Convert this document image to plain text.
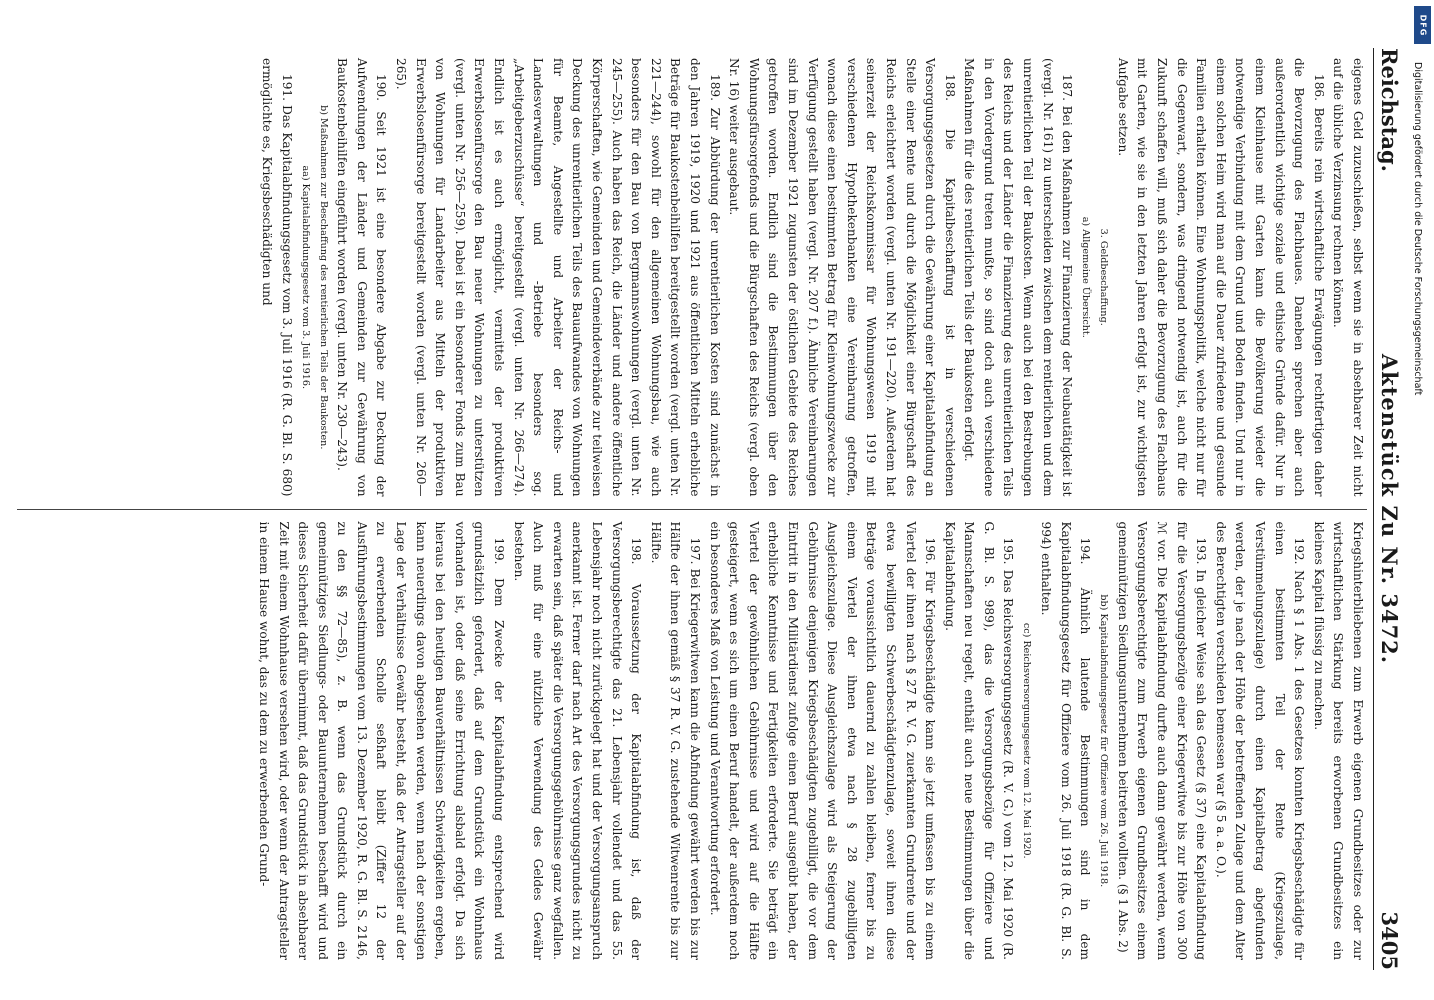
Reichstag.
Aktenstück Zu Nr. 3472.
3405

eigenes Geld zuzuschießen, selbst wenn sie in absehbarer Zeit nicht auf die übliche Verzinsung rechnen können.

186. Bereits rein wirtschaftliche Erwägungen rechtfertigen daher die Bevorzugung des Flachbaues. Daneben sprechen aber auch außerordentlich wichtige soziale und ethische Gründe dafür. Nur in einem Kleinhause mit Garten kann die Bevölkerung wieder die notwendige Verbindung mit dem Grund und Boden finden. Und nur in einem solchen Heim wird man auf die Dauer zufriedene und gesunde Familien erhalten können. Eine Wohnungspolitik, welche nicht nur für die Gegenwart, sondern, was dringend notwendig ist, auch für die Zukunft schaffen will, muß sich daher die Bevorzugung des Flachbaus mit Garten, wie sie in den letzten Jahren erfolgt ist, zur wichtigsten Aufgabe setzen.

3. Geldbeschaffung.

a) Allgemeine Übersicht.

187. Bei den Maßnahmen zur Finanzierung der Neubautätigkeit ist (vergl. Nr. 161) zu unterscheiden zwischen dem rentierlichen und dem unrentierlichen Teil der Baukosten. Wenn auch bei den Bestrebungen des Reichs und der Länder die Finanzierung des unrentierlichen Teils in den Vordergrund treten mußte, so sind doch auch verschiedene Maßnahmen für die des rentierlichen Teils der Baukosten erfolgt.

188. Die Kapitalbeschaffung ist in verschiedenen Versorgungsgesetzen durch die Gewährung einer Kapitalabfindung an Stelle einer Rente und durch die Möglichkeit einer Bürgschaft des Reichs erleichtert worden (vergl. unten Nr. 191—220). Außerdem hat seinerzeit der Reichskommissar für Wohnungswesen 1919 mit verschiedenen Hypothekenbanken eine Vereinbarung getroffen, wonach diese einen bestimmten Betrag für Kleinwohnungszwecke zur Verfügung gestellt haben (vergl. Nr. 207 f.). Ähnliche Vereinbarungen sind im Dezember 1921 zugunsten der östlichen Gebiete des Reiches getroffen worden. Endlich sind die Bestimmungen über den Wohnungsfürsorgefonds und die Bürgschaften des Reichs (vergl. oben Nr. 16) weiter ausgebaut.

189. Zur Abbürdung der unrentierlichen Kosten sind zunächst in den Jahren 1919, 1920 und 1921 aus öffentlichen Mitteln erhebliche Beträge für Baukostenbeihilfen bereitgestellt worden (vergl. unten Nr. 221—244), sowohl für den allgemeinen Wohnungsbau, wie auch besonders für den Bau von Bergmannswohnungen (vergl. unten Nr. 245—255). Auch haben das Reich, die Länder und andere öffentliche Körperschaften, wie Gemeinden und Gemeindeverbände zur teilweisen Deckung des unrentierlichen Teils des Bauaufwandes von Wohnungen für Beamte, Angestellte und Arbeiter der Reichs- und Landesverwaltungen und -Betriebe besonders sog. „Arbeitgeberzuschüsse“ bereitgestellt (vergl. unten Nr. 266—274). Endlich ist es auch ermöglicht, vermittels der produktiven Erwerbslosenfürsorge den Bau neuer Wohnungen zu unterstützen (vergl. unten Nr. 256—259). Dabei ist ein besonderer Fonds zum Bau von Wohnungen für Landarbeiter aus Mitteln der produktiven Erwerbslosenfürsorge bereitgestellt worden (vergl. unten Nr. 260—265).

190. Seit 1921 ist eine besondere Abgabe zur Deckung der Aufwendungen der Länder und Gemeinden zur Gewährung von Baukostenbeihilfen eingeführt worden (vergl. unten Nr. 230—243).

b) Maßnahmen zur Beschaffung des rentierlichen Teils der Baukosten.

aa) Kapitalabfindungsgesetz vom 3. Juli 1916.

191. Das Kapitalabfindungsgesetz vom 3. Juli 1916 (R. G. Bl. S. 680) ermöglichte es, Kriegsbeschädigten und

Kriegshinterbliebenen zum Erwerb eigenen Grundbesitzes oder zur wirtschaftlichen Stärkung bereits erworbenen Grundbesitzes ein kleines Kapital flüssig zu machen.

192. Nach § 1 Abs. 1 des Gesetzes konnten Kriegsbeschädigte für einen bestimmten Teil der Rente (Kriegszulage, Verstümmelungszulage) durch einen Kapitalbetrag abgefunden werden, der je nach der Höhe der betreffenden Zulage und dem Alter des Berechtigten verschieden bemessen war (§ 5 a. a. O.).

193. In gleicher Weise sah das Gesetz (§ 37) eine Kapitalabfindung für die Versorgungsbezüge einer Kriegerwitwe bis zur Höhe von 300 ℳ vor. Die Kapitalabfindung durfte auch dann gewährt werden, wenn Versorgungsberechtigte zum Erwerb eigenen Grundbesitzes einem gemeinnützigen Siedlungsunternehmen beitreten wollten. (§ 1 Abs. 2)

bb) Kapitalabfindungsgesetz für Offiziere vom 26. Juli 1918.

194. Ähnlich lautende Bestimmungen sind in dem Kapitalabfindungsgesetz für Offiziere vom 26. Juli 1918 (R. G. Bl. S. 994) enthalten.

cc) Reichsversorgungsgesetz vom 12. Mai 1920.

195. Das Reichsversorgungsgesetz (R. V. G.) vom 12. Mai 1920 (R. G. Bl. S. 989), das die Versorgungsbezüge für Offiziere und Mannschaften neu regelt, enthält auch neue Bestimmungen über die Kapitalabfindung.

196. Für Kriegsbeschädigte kann sie jetzt umfassen bis zu einem Viertel der ihnen nach § 27 R. V. G. zuerkannten Grundrente und der etwa bewilligten Schwerbeschädigtenzulage, soweit ihnen diese Beträge voraussichtlich dauernd zu zahlen bleiben, ferner bis zu einem Viertel der ihnen etwa nach § 28 zugebilligten Ausgleichszulage. Diese Ausgleichszulage wird als Steigerung der Gebührnisse denjenigen Kriegsbeschädigten zugebilligt, die vor dem Eintritt in den Militärdienst zufolge einen Beruf ausgeübt haben, der erhebliche Kenntnisse und Fertigkeiten erforderte. Sie beträgt ein Viertel der gewöhnlichen Gebührnisse und wird auf die Hälfte gesteigert, wenn es sich um einen Beruf handelt, der außerdem noch ein besonderes Maß von Leistung und Verantwortung erfordert.

197. Bei Kriegerwitwen kann die Abfindung gewährt werden bis zur Hälfte der ihnen gemäß § 37 R. V. G. zustehende Witwenrente bis zur Hälfte.

198. Voraussetzung der Kapitalabfindung ist, daß der Versorgungsberechtigte das 21. Lebensjahr vollendet und das 55. Lebensjahr noch nicht zurückgelegt hat und der Versorgungsanspruch anerkannt ist. Ferner darf nach Art des Versorgungsgrundes nicht zu erwarten sein, daß später die Versorgungsgebührnisse ganz wegfallen. Auch muß für eine nützliche Verwendung des Geldes Gewähr bestehen.

199. Dem Zwecke der Kapitalabfindung entsprechend wird grundsätzlich gefordert, daß auf dem Grundstück ein Wohnhaus vorhanden ist, oder daß seine Errichtung alsbald erfolgt. Da sich hieraus bei den heutigen Bauverhältnissen Schwierigkeiten ergeben, kann neuerdings davon abgesehen werden, wenn nach der sonstigen Lage der Verhältnisse Gewähr besteht, daß der Antragsteller auf der zu erwerbenden Scholle seßhaft bleibt (Ziffer 12 der Ausführungsbestimmungen vom 13. Dezember 1920, R. G. Bl. S. 2146, zu den §§ 72—85), z. B. wenn das Grundstück durch ein gemeinnütziges Siedlungs- oder Bauunternehmen beschafft wird und dieses Sicherheit dafür übernimmt, daß das Grundstück in absehbarer Zeit mit einem Wohnhause versehen wird, oder wenn der Antragsteller in einem Hause wohnt, das zu dem zu erwerbenden Grund-

DFG
Digitalisierung gefördert durch die Deutsche Forschungsgemeinschaft
